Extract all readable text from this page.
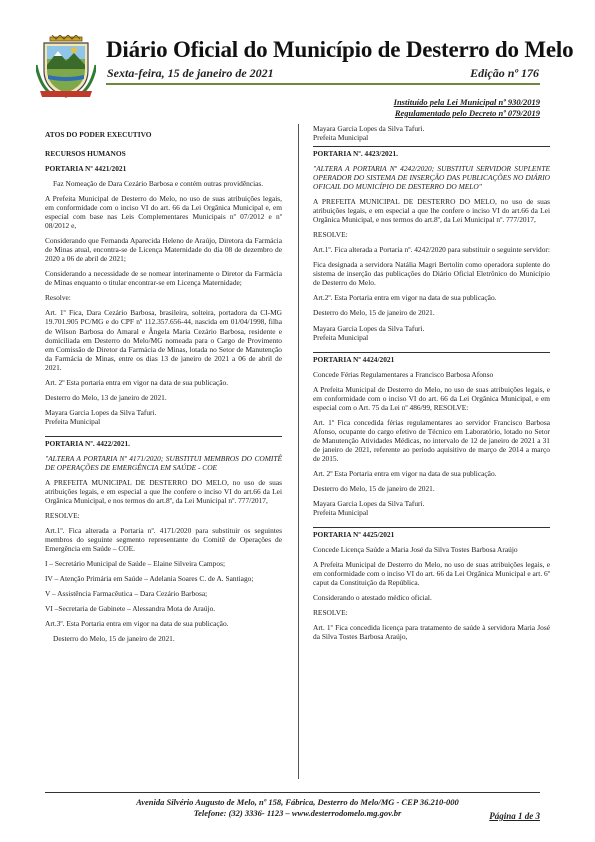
Diário Oficial do Município de Desterro do Melo
Sexta-feira, 15 de janeiro de 2021	Edição nº 176
Instituído pela Lei Municipal nº 930/2019
Regulamentado pelo Decreto nº 079/2019

ATOS DO PODER EXECUTIVO

RECURSOS HUMANOS

PORTARIA Nº 4421/2021

Faz Nomeação de Dara Cezário Barbosa e contém outras providências.

A Prefeita Municipal de Desterro do Melo, no uso de suas atribuições legais, em conformidade com o inciso VI do art. 66 da Lei Orgânica Municipal e, em especial com base nas Leis Complementares Municipais nº 07/2012 e nº 08/2012 e,

Considerando que Fernanda Aparecida Heleno de Araújo, Diretora da Farmácia de Minas atual, encontra-se de Licença Maternidade do dia 08 de dezembro de 2020 a 06 de abril de 2021;

Considerando a necessidade de se nomear interinamente o Diretor da Farmácia de Minas enquanto o titular encontrar-se em Licença Maternidade;

Resolve:

Art. 1º Fica, Dara Cezário Barbosa, brasileira, solteira, portadora da CI-MG 19.701.905 PC/MG e do CPF nº 112.357.656-44, nascida em 01/04/1998, filha de Wilson Barbosa do Amaral e Ângela Maria Cezário Barbosa, residente e domiciliada em Desterro do Melo/MG nomeada para o Cargo de Provimento em Comissão de Diretor da Farmácia de Minas, lotada no Setor de Manutenção da Farmácia de Minas, entre os dias 13 de janeiro de 2021 a 06 de abril de 2021.

Art. 2º Esta portaria entra em vigor na data de sua publicação.

Desterro do Melo, 13 de janeiro de 2021.

Mayara Garcia Lopes da Silva Tafuri.

Prefeita Municipal

PORTARIA Nº. 4422/2021.

"ALTERA A PORTARIA Nº 4171/2020; SUBSTITUI MEMBROS DO COMITÊ DE OPERAÇÕES DE EMERGÊNCIA EM SAÚDE - COE

A PREFEITA MUNICIPAL DE DESTERRO DO MELO, no uso de suas atribuições legais, e em especial a que lhe confere o inciso VI do art.66 da Lei Orgânica Municipal, e nos termos do art.8º, da Lei Municipal nº. 777/2017,

RESOLVE:

Art.1º. Fica alterada a Portaria nº. 4171/2020 para substituir os seguintes membros do seguinte segmento representante do Comitê de Operações de Emergência em Saúde – COE.

I – Secretário Municipal de Saúde – Elaine Silveira Campos;

IV – Atenção Primária em Saúde – Adelania Soares C. de A. Santiago;

V – Assistência Farmacêutica – Dara Cezário Barbosa;

VI –Secretaria de Gabinete – Alessandra Mota de Araújo.

Art.3º. Esta Portaria entra em vigor na data de sua publicação.

Desterro do Melo, 15 de janeiro de 2021.

Mayara Garcia Lopes da Silva Tafuri.

Prefeita Municipal

PORTARIA Nº. 4423/2021.

"ALTERA A PORTARIA Nº 4242/2020; SUBSTITUI SERVIDOR SUPLENTE OPERADOR DO SISTEMA DE INSERÇÃO DAS PUBLICAÇÕES NO DIÁRIO OFICAIL DO MUNICÍPIO DE DESTERRO DO MELO"

A PREFEITA MUNICIPAL DE DESTERRO DO MELO, no uso de suas atribuições legais, e em especial a que lhe confere o inciso VI do art.66 da Lei Orgânica Municipal, e nos termos do art.8º, da Lei Municipal nº. 777/2017,

RESOLVE:

Art.1º. Fica alterada a Portaria nº. 4242/2020 para substituir o seguinte servidor:

Fica designada a servidora Natália Magri Bertolin como operadora suplente do sistema de inserção das publicações do Diário Oficial Eletrônico do Município de Desterro do Melo.

Art.2º. Esta Portaria entra em vigor na data de sua publicação.

Desterro do Melo, 15 de janeiro de 2021.

Mayara Garcia Lopes da Silva Tafuri.

Prefeita Municipal

PORTARIA Nº 4424/2021

Concede Férias Regulamentares a Francisco Barbosa Afonso

A Prefeita Municipal de Desterro do Melo, no uso de suas atribuições legais, e em conformidade com o inciso VI do art. 66 da Lei Orgânica Municipal, e em especial com o Art. 75 da Lei nº 486/99, RESOLVE:

Art. 1º Fica concedida férias regulamentares ao servidor Francisco Barbosa Afonso, ocupante do cargo efetivo de Técnico em Laboratório, lotado no Setor de Manutenção Atividades Médicas, no intervalo de 12 de janeiro de 2021 a 31 de janeiro de 2021, referente ao período aquisitivo de março de 2014 a março de 2015.

Art. 2º Esta Portaria entra em vigor na data de sua publicação.

Desterro do Melo, 15 de janeiro de 2021.

Mayara Garcia Lopes da Silva Tafuri.

Prefeita Municipal

PORTARIA Nº 4425/2021

Concede Licença Saúde a Maria José da Silva Tostes Barbosa Araújo

A Prefeita Municipal de Desterro do Melo, no uso de suas atribuições legais, e em conformidade com o inciso VI do art. 66 da Lei Orgânica Municipal e art. 6º caput da Constituição da República.

Considerando o atestado médico oficial.

RESOLVE:

Art. 1º Fica concedida licença para tratamento de saúde à servidora Maria José da Silva Tostes Barbosa Araújo,

Avenida Silvério Augusto de Melo, nº 158, Fábrica, Desterro do Melo/MG - CEP 36.210-000
Telefone: (32) 3336- 1123 – www.desterrodomelo.mg.gov.br	Página 1 de 3
